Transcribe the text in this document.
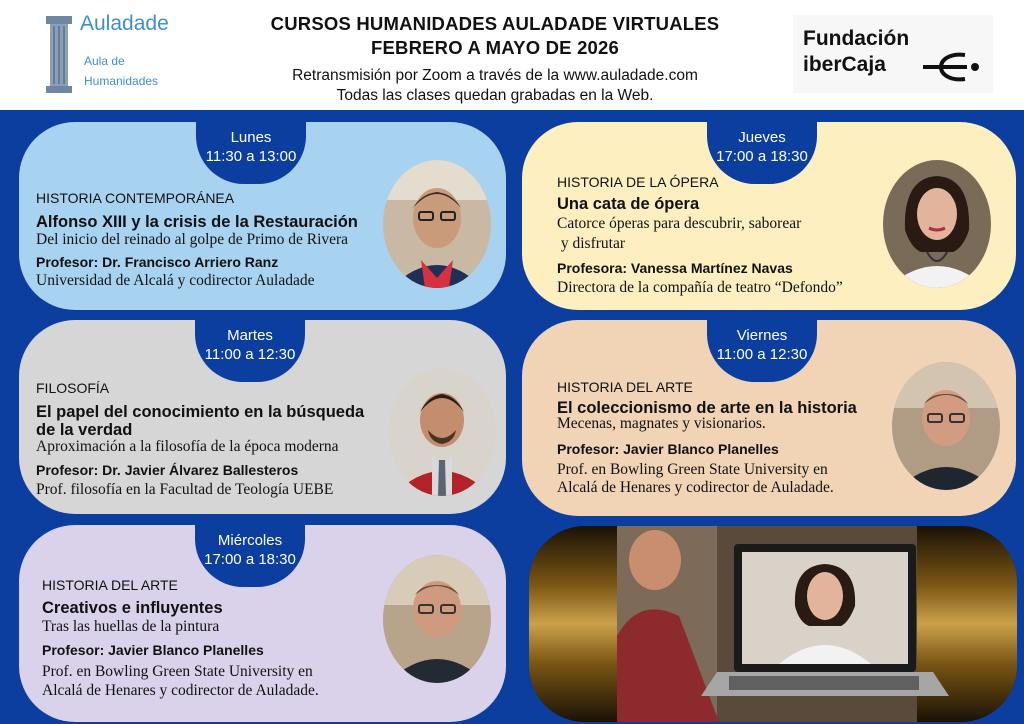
Auladade
Aula de
Humanidades
CURSOS HUMANIDADES AULADADE VIRTUALES
FEBRERO A MAYO DE 2026
Retransmisión por Zoom a través de la www.auladade.com
Todas las clases quedan grabadas en la Web.
Fundación
iberCaja
Lunes
11:30 a 13:00
HISTORIA CONTEMPORÁNEA
Alfonso XIII y la crisis de la Restauración
Del inicio del reinado al golpe de Primo de Rivera
Profesor: Dr. Francisco Arriero Ranz
Universidad de Alcalá y codirector Auladade
Martes
11:00 a 12:30
FILOSOFÍA
El papel del conocimiento en la búsqueda
de la verdad
Aproximación a la filosofía de la época moderna
Profesor: Dr. Javier Álvarez Ballesteros
Prof. filosofía en la Facultad de Teología UEBE
Miércoles
17:00 a 18:30
HISTORIA DEL ARTE
Creativos e influyentes
Tras las huellas de la pintura
Profesor: Javier Blanco Planelles
Prof. en Bowling Green State University en
Alcalá de Henares y codirector de Auladade.
Jueves
17:00 a 18:30
HISTORIA DE LA ÓPERA
Una cata de ópera
Catorce óperas para descubrir, saborear
y disfrutar
Profesora: Vanessa Martínez Navas
Directora de la compañía de teatro “Defondo”
Viernes
11:00 a 12:30
HISTORIA DEL ARTE
El coleccionismo de arte en la historia
Mecenas, magnates y visionarios.
Profesor: Javier Blanco Planelles
Prof. en Bowling Green State University en
Alcalá de Henares y codirector de Auladade.
